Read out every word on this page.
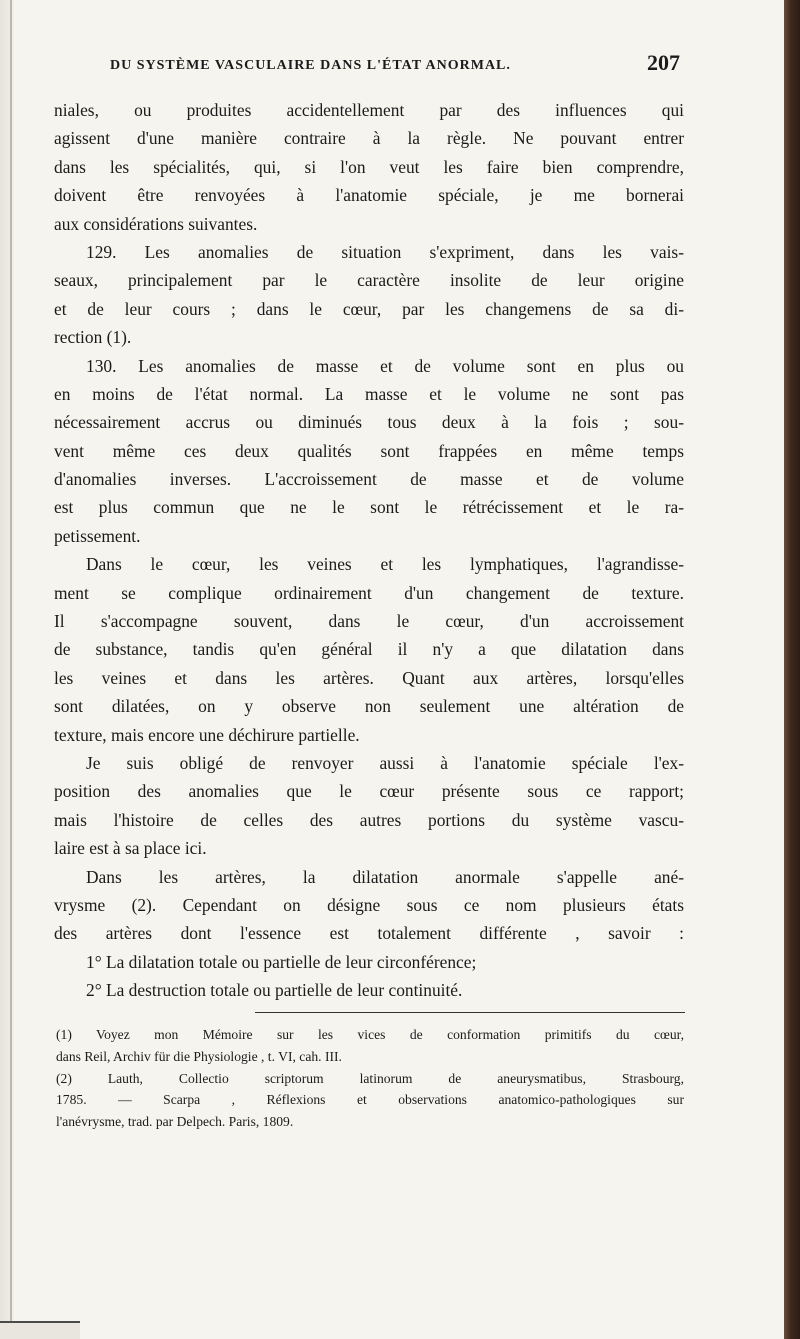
DU SYSTÈME VASCULAIRE DANS L'ÉTAT ANORMAL.	207
niales, ou produites accidentellement par des influences qui
agissent d'une manière contraire à la règle. Ne pouvant entrer
dans les spécialités, qui, si l'on veut les faire bien comprendre,
doivent être renvoyées à l'anatomie spéciale, je me bornerai
aux considérations suivantes.
129. Les anomalies de situation s'expriment, dans les vais-
seaux, principalement par le caractère insolite de leur origine
et de leur cours ; dans le cœur, par les changemens de sa di-
rection (1).
130. Les anomalies de masse et de volume sont en plus ou
en moins de l'état normal. La masse et le volume ne sont pas
nécessairement accrus ou diminués tous deux à la fois ; sou-
vent même ces deux qualités sont frappées en même temps
d'anomalies inverses. L'accroissement de masse et de volume
est plus commun que ne le sont le rétrécissement et le ra-
petissement.
Dans le cœur, les veines et les lymphatiques, l'agrandisse-
ment se complique ordinairement d'un changement de texture.
Il s'accompagne souvent, dans le cœur, d'un accroissement
de substance, tandis qu'en général il n'y a que dilatation dans
les veines et dans les artères. Quant aux artères, lorsqu'elles
sont dilatées, on y observe non seulement une altération de
texture, mais encore une déchirure partielle.
Je suis obligé de renvoyer aussi à l'anatomie spéciale l'ex-
position des anomalies que le cœur présente sous ce rapport;
mais l'histoire de celles des autres portions du système vascu-
laire est à sa place ici.
Dans les artères, la dilatation anormale s'appelle ané-
vrysme (2). Cependant on désigne sous ce nom plusieurs états
des artères dont l'essence est totalement différente , savoir :
1° La dilatation totale ou partielle de leur circonférence;
2° La destruction totale ou partielle de leur continuité.
(1) Voyez mon Mémoire sur les vices de conformation primitifs du cœur,
dans Reil, Archiv für die Physiologie , t. VI, cah. III.
(2) Lauth, Collectio scriptorum latinorum de aneurysmatibus, Strasbourg,
1785. — Scarpa , Réflexions et observations anatomico-pathologiques sur
l'anévrysme, trad. par Delpech. Paris, 1809.
